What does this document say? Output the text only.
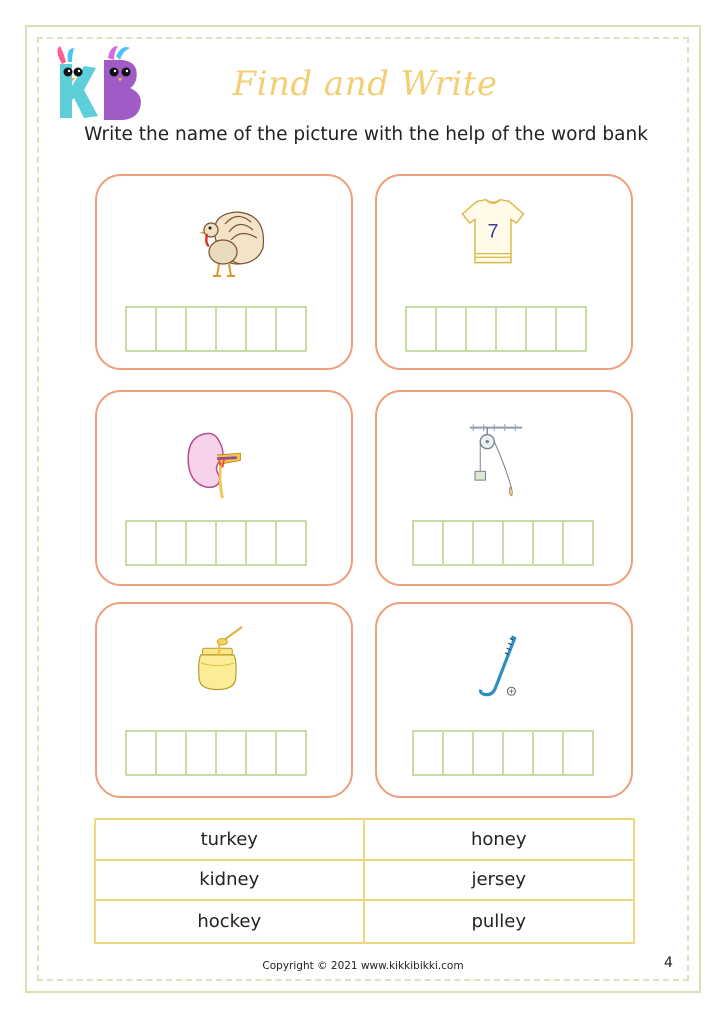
Find and Write
Write the name of the picture with the help of the word bank
7
turkey	honey
kidney	jersey
hockey	pulley
Copyright © 2021 www.kikkibikki.com	4
